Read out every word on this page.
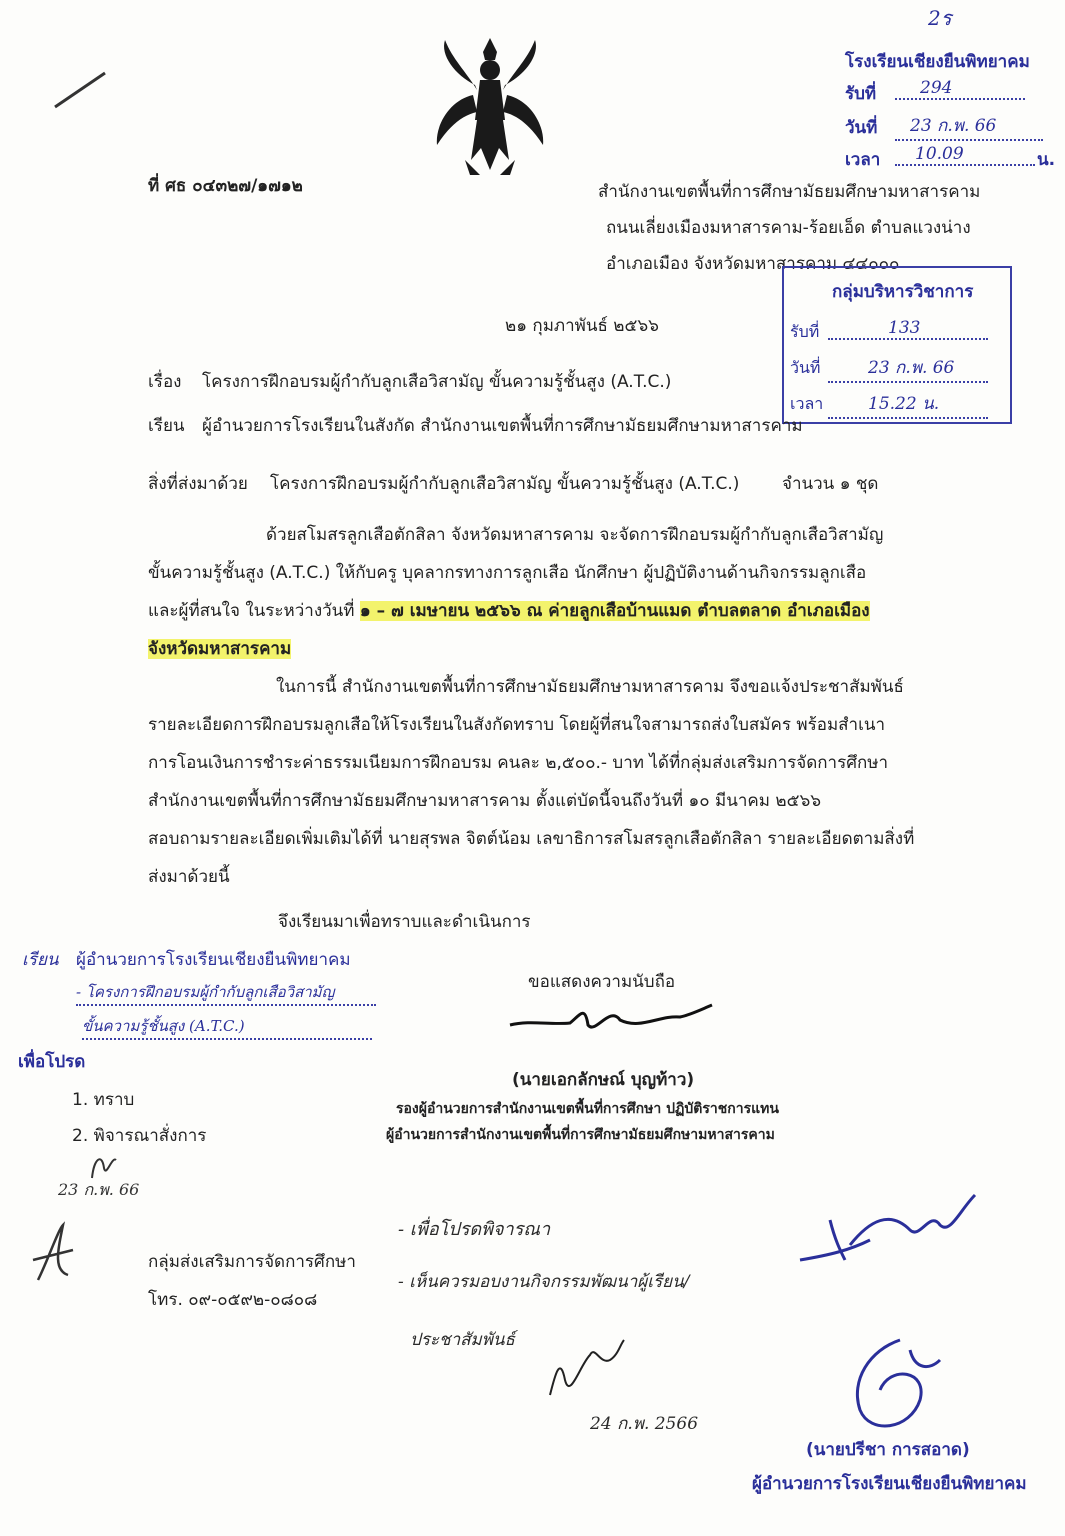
2ร
โรงเรียนเชียงยืนพิทยาคม
รับที่	294
วันที่	23 ก.พ. 66
เวลา	10.09	น.
ที่ ศธ ๐๔๓๒๗/๑๗๑๒	สำนักงานเขตพื้นที่การศึกษามัธยมศึกษามหาสารคาม
ถนนเลี่ยงเมืองมหาสารคาม-ร้อยเอ็ด ตำบลแวงน่าง
อำเภอเมือง จังหวัดมหาสารคาม ๔๔๐๐๐
กลุ่มบริหารวิชาการ
รับที่	133
วันที่	23 ก.พ. 66
เวลา	15.22 น.
๒๑ กุมภาพันธ์ ๒๕๖๖
เรื่อง โครงการฝึกอบรมผู้กำกับลูกเสือวิสามัญ ขั้นความรู้ชั้นสูง (A.T.C.)
เรียน ผู้อำนวยการโรงเรียนในสังกัด สำนักงานเขตพื้นที่การศึกษามัธยมศึกษามหาสารคาม
สิ่งที่ส่งมาด้วย โครงการฝึกอบรมผู้กำกับลูกเสือวิสามัญ ขั้นความรู้ชั้นสูง (A.T.C.)	จำนวน ๑ ชุด
ด้วยสโมสรลูกเสือตักสิลา จังหวัดมหาสารคาม จะจัดการฝึกอบรมผู้กำกับลูกเสือวิสามัญ
ขั้นความรู้ชั้นสูง (A.T.C.) ให้กับครู บุคลากรทางการลูกเสือ นักศึกษา ผู้ปฏิบัติงานด้านกิจกรรมลูกเสือ
และผู้ที่สนใจ ในระหว่างวันที่ ๑ – ๗ เมษายน ๒๕๖๖ ณ ค่ายลูกเสือบ้านแมด ตำบลตลาด อำเภอเมือง
จังหวัดมหาสารคาม
ในการนี้ สำนักงานเขตพื้นที่การศึกษามัธยมศึกษามหาสารคาม จึงขอแจ้งประชาสัมพันธ์
รายละเอียดการฝึกอบรมลูกเสือให้โรงเรียนในสังกัดทราบ โดยผู้ที่สนใจสามารถส่งใบสมัคร พร้อมสำเนา
การโอนเงินการชำระค่าธรรมเนียมการฝึกอบรม คนละ ๒,๕๐๐.- บาท ได้ที่กลุ่มส่งเสริมการจัดการศึกษา
สำนักงานเขตพื้นที่การศึกษามัธยมศึกษามหาสารคาม ตั้งแต่บัดนี้จนถึงวันที่ ๑๐ มีนาคม ๒๕๖๖
สอบถามรายละเอียดเพิ่มเติมได้ที่ นายสุรพล จิตต์น้อม เลขาธิการสโมสรลูกเสือตักสิลา รายละเอียดตามสิ่งที่
ส่งมาด้วยนี้
จึงเรียนมาเพื่อทราบและดำเนินการ
เรียน ผู้อำนวยการโรงเรียนเชียงยืนพิทยาคม
- โครงการฝึกอบรมผู้กำกับลูกเสือวิสามัญ
ขั้นความรู้ชั้นสูง (A.T.C.)
เพื่อโปรด
1. ทราบ
2. พิจารณาสั่งการ
23 ก.พ. 66
ขอแสดงความนับถือ
(นายเอกลักษณ์ บุญท้าว)
รองผู้อำนวยการสำนักงานเขตพื้นที่การศึกษา ปฏิบัติราชการแทน
ผู้อำนวยการสำนักงานเขตพื้นที่การศึกษามัธยมศึกษามหาสารคาม
กลุ่มส่งเสริมการจัดการศึกษา
โทร. ๐๙-๐๕๙๒-๐๘๐๘
- เพื่อโปรดพิจารณา
- เห็นควรมอบงานกิจกรรมพัฒนาผู้เรียน/
ประชาสัมพันธ์
24 ก.พ. 2566
(นายปรีชา การสอาด)
ผู้อำนวยการโรงเรียนเชียงยืนพิทยาคม
